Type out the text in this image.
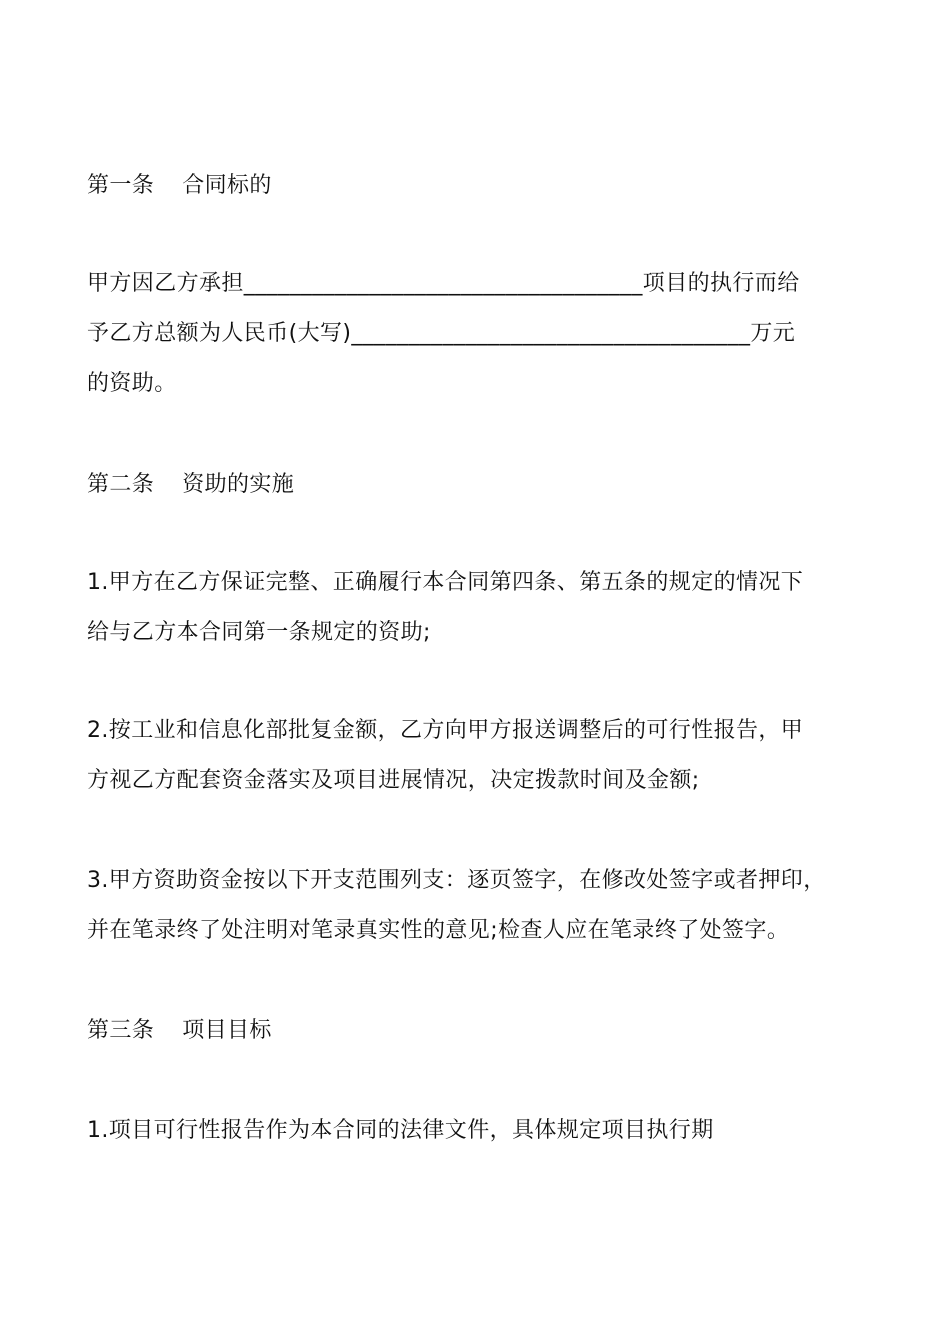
第一条 合同标的
甲方因乙方承担___________________________________项目的执行而给
予乙方总额为人民币(大写)___________________________________万元
的资助。
第二条 资助的实施
1.甲方在乙方保证完整、正确履行本合同第四条、第五条的规定的情况下
给与乙方本合同第一条规定的资助;
2.按工业和信息化部批复金额，乙方向甲方报送调整后的可行性报告，甲
方视乙方配套资金落实及项目进展情况，决定拨款时间及金额;
3.甲方资助资金按以下开支范围列支：逐页签字，在修改处签字或者押印，
并在笔录终了处注明对笔录真实性的意见;检查人应在笔录终了处签字。
第三条 项目目标
1.项目可行性报告作为本合同的法律文件，具体规定项目执行期
